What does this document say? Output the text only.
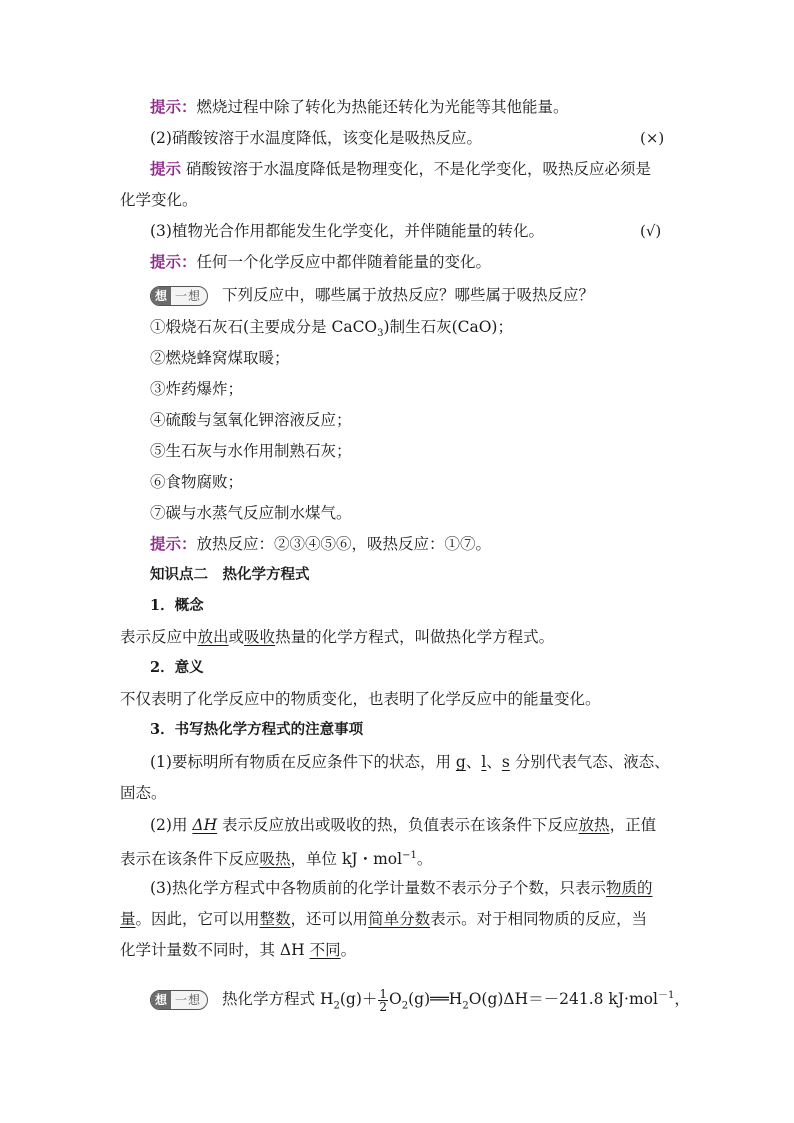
提示：燃烧过程中除了转化为热能还转化为光能等其他能量。
(2)硝酸铵溶于水温度降低，该变化是吸热反应。	(×)
提示 硝酸铵溶于水温度降低是物理变化，不是化学变化，吸热反应必须是
化学变化。
(3)植物光合作用都能发生化学变化，并伴随能量的转化。	(√)
提示：任何一个化学反应中都伴随着能量的变化。
想 一想 下列反应中，哪些属于放热反应？哪些属于吸热反应？
①煅烧石灰石(主要成分是 CaCO$_3$)制生石灰(CaO)；
②燃烧蜂窝煤取暖；
③炸药爆炸；
④硫酸与氢氧化钾溶液反应；
⑤生石灰与水作用制熟石灰；
⑥食物腐败；
⑦碳与水蒸气反应制水煤气。
提示：放热反应：②③④⑤⑥，吸热反应：①⑦。
知识点二　热化学方程式
1．概念
表示反应中放出或吸收热量的化学方程式，叫做热化学方程式。
2．意义
不仅表明了化学反应中的物质变化，也表明了化学反应中的能量变化。
3．书写热化学方程式的注意事项
(1)要标明所有物质在反应条件下的状态，用 g、l、s 分别代表气态、液态、
固态。
(2)用 ΔH 表示反应放出或吸收的热，负值表示在该条件下反应放热，正值
表示在该条件下反应吸热，单位 kJ・mol$^{-1}$。
(3)热化学方程式中各物质前的化学计量数不表示分子个数，只表示物质的
量。因此，它可以用整数，还可以用简单分数表示。对于相同物质的反应，当
化学计量数不同时，其 ΔH 不同。
想 一想 热化学方程式 $H_2(g)+ \frac{1}{2}$ $O_2(g)══H_2O(g)\Delta H=-241.8$ kJ·mol$^{-1}$，
